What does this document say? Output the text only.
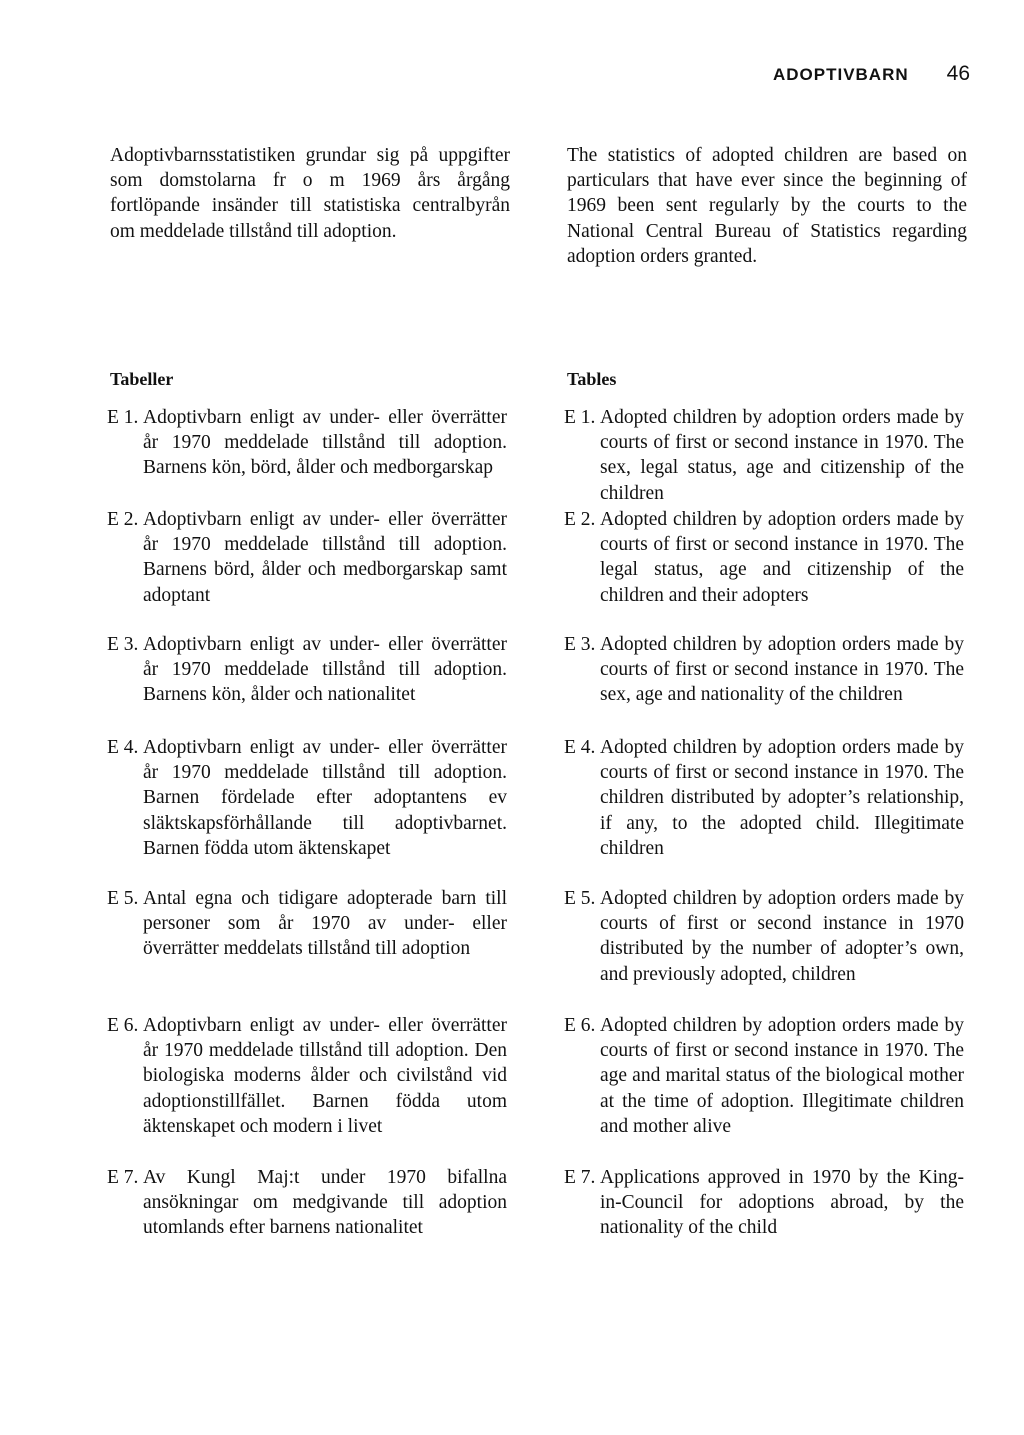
ADOPTIVBARN 46

Adoptivbarnsstatistiken grundar sig på uppgifter som domstolarna fr o m 1969 års årgång fortlöpande insänder till statistiska centralbyrån om meddelade tillstånd till adoption.

Tabeller
E 1. Adoptivbarn enligt av under- eller överrätter år 1970 meddelade tillstånd till adoption. Barnens kön, börd, ålder och medborgarskap
E 2. Adoptivbarn enligt av under- eller överrätter år 1970 meddelade tillstånd till adoption. Barnens börd, ålder och medborgarskap samt adoptant
E 3. Adoptivbarn enligt av under- eller överrätter år 1970 meddelade tillstånd till adoption. Barnens kön, ålder och nationalitet
E 4. Adoptivbarn enligt av under- eller överrätter år 1970 meddelade tillstånd till adoption. Barnen fördelade efter adoptantens ev släktskapsförhållande till adoptivbarnet. Barnen födda utom äktenskapet
E 5. Antal egna och tidigare adopterade barn till personer som år 1970 av under- eller överrätter meddelats tillstånd till adoption
E 6. Adoptivbarn enligt av under- eller överrätter år 1970 meddelade tillstånd till adoption. Den biologiska moderns ålder och civilstånd vid adoptionstillfället. Barnen födda utom äktenskapet och modern i livet
E 7. Av Kungl Maj:t under 1970 bifallna ansökningar om medgivande till adoption utomlands efter barnens nationalitet

The statistics of adopted children are based on particulars that have ever since the beginning of 1969 been sent regularly by the courts to the National Central Bureau of Statistics regarding adoption orders granted.

Tables
E 1. Adopted children by adoption orders made by courts of first or second instance in 1970. The sex, legal status, age and citizenship of the children
E 2. Adopted children by adoption orders made by courts of first or second instance in 1970. The legal status, age and citizenship of the children and their adopters
E 3. Adopted children by adoption orders made by courts of first or second instance in 1970. The sex, age and nationality of the children
E 4. Adopted children by adoption orders made by courts of first or second instance in 1970. The children distributed by adopter’s relationship, if any, to the adopted child. Illegitimate children
E 5. Adopted children by adoption orders made by courts of first or second instance in 1970 distributed by the number of adopter’s own, and previously adopted, children
E 6. Adopted children by adoption orders made by courts of first or second instance in 1970. The age and marital status of the biological mother at the time of adoption. Illegitimate children and mother alive
E 7. Applications approved in 1970 by the King-in-Council for adoptions abroad, by the nationality of the child
